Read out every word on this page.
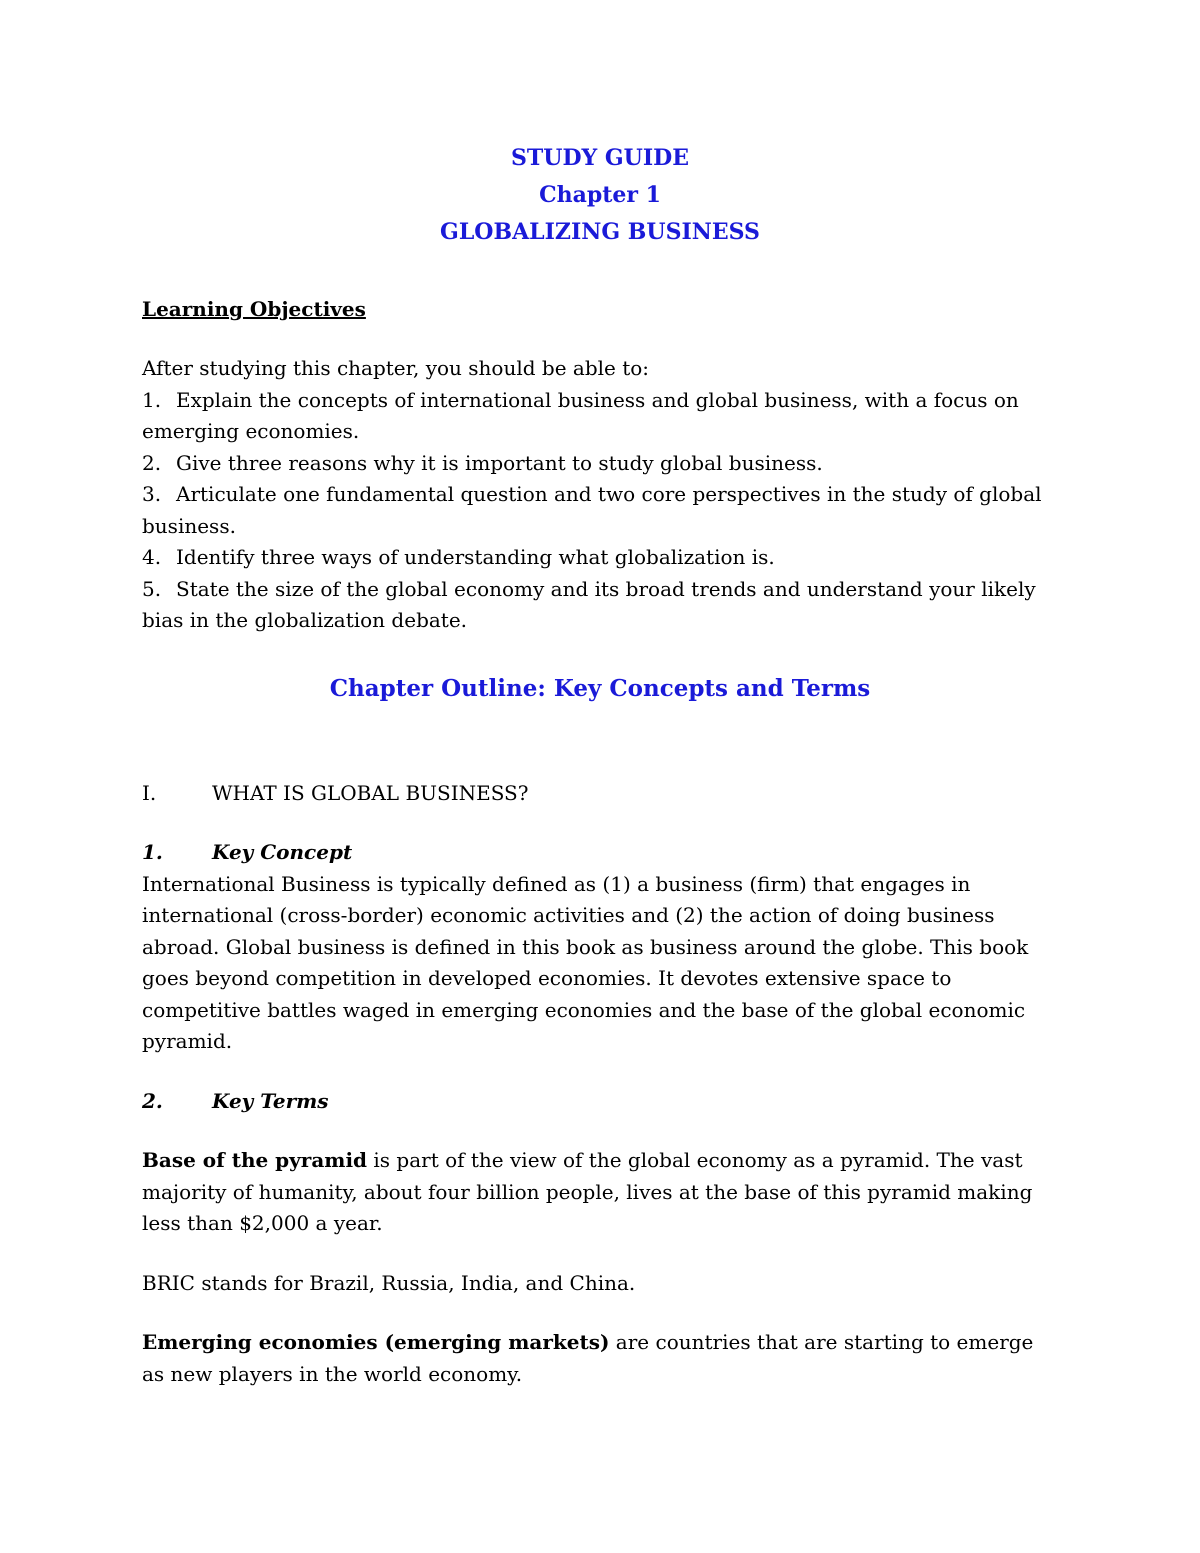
STUDY GUIDE
Chapter 1
GLOBALIZING BUSINESS
Learning Objectives
After studying this chapter, you should be able to:
1. Explain the concepts of international business and global business, with a focus on emerging economies.
2. Give three reasons why it is important to study global business.
3. Articulate one fundamental question and two core perspectives in the study of global business.
4. Identify three ways of understanding what globalization is.
5. State the size of the global economy and its broad trends and understand your likely bias in the globalization debate.
Chapter Outline: Key Concepts and Terms
I.	WHAT IS GLOBAL BUSINESS?
1.	Key Concept

International Business is typically defined as (1) a business (firm) that engages in international (cross-border) economic activities and (2) the action of doing business abroad. Global business is defined in this book as business around the globe. This book goes beyond competition in developed economies. It devotes extensive space to competitive battles waged in emerging economies and the base of the global economic pyramid.

2.	Key Terms

Base of the pyramid is part of the view of the global economy as a pyramid. The vast majority of humanity, about four billion people, lives at the base of this pyramid making less than $2,000 a year.

BRIC stands for Brazil, Russia, India, and China.

Emerging economies (emerging markets) are countries that are starting to emerge as new players in the world economy.
